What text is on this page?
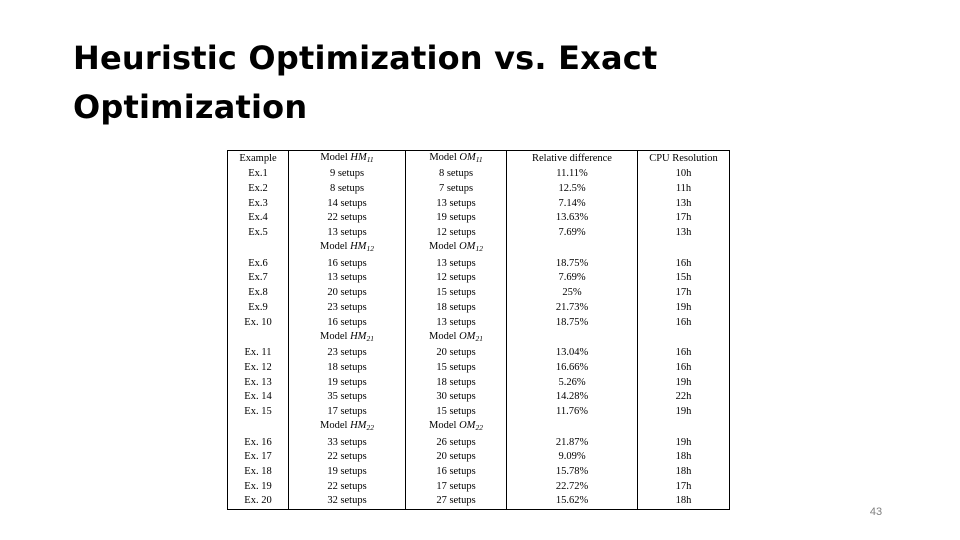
Heuristic Optimization vs. Exact Optimization
Example	Model $HM_{11}$	Model $OM_{11}$	Relative difference	CPU Resolution
Ex.1	9 setups	8 setups	11.11%	10h
Ex.2	8 setups	7 setups	12.5%	11h
Ex.3	14 setups	13 setups	7.14%	13h
Ex.4	22 setups	19 setups	13.63%	17h
Ex.5	13 setups	12 setups	7.69%	13h
	Model $HM_{12}$	Model $OM_{12}$		
Ex.6	16 setups	13 setups	18.75%	16h
Ex.7	13 setups	12 setups	7.69%	15h
Ex.8	20 setups	15 setups	25%	17h
Ex.9	23 setups	18 setups	21.73%	19h
Ex. 10	16 setups	13 setups	18.75%	16h
	Model $HM_{21}$	Model $OM_{21}$		
Ex. 11	23 setups	20 setups	13.04%	16h
Ex. 12	18 setups	15 setups	16.66%	16h
Ex. 13	19 setups	18 setups	5.26%	19h
Ex. 14	35 setups	30 setups	14.28%	22h
Ex. 15	17 setups	15 setups	11.76%	19h
	Model $HM_{22}$	Model $OM_{22}$		
Ex. 16	33 setups	26 setups	21.87%	19h
Ex. 17	22 setups	20 setups	9.09%	18h
Ex. 18	19 setups	16 setups	15.78%	18h
Ex. 19	22 setups	17 setups	22.72%	17h
Ex. 20	32 setups	27 setups	15.62%	18h
43
